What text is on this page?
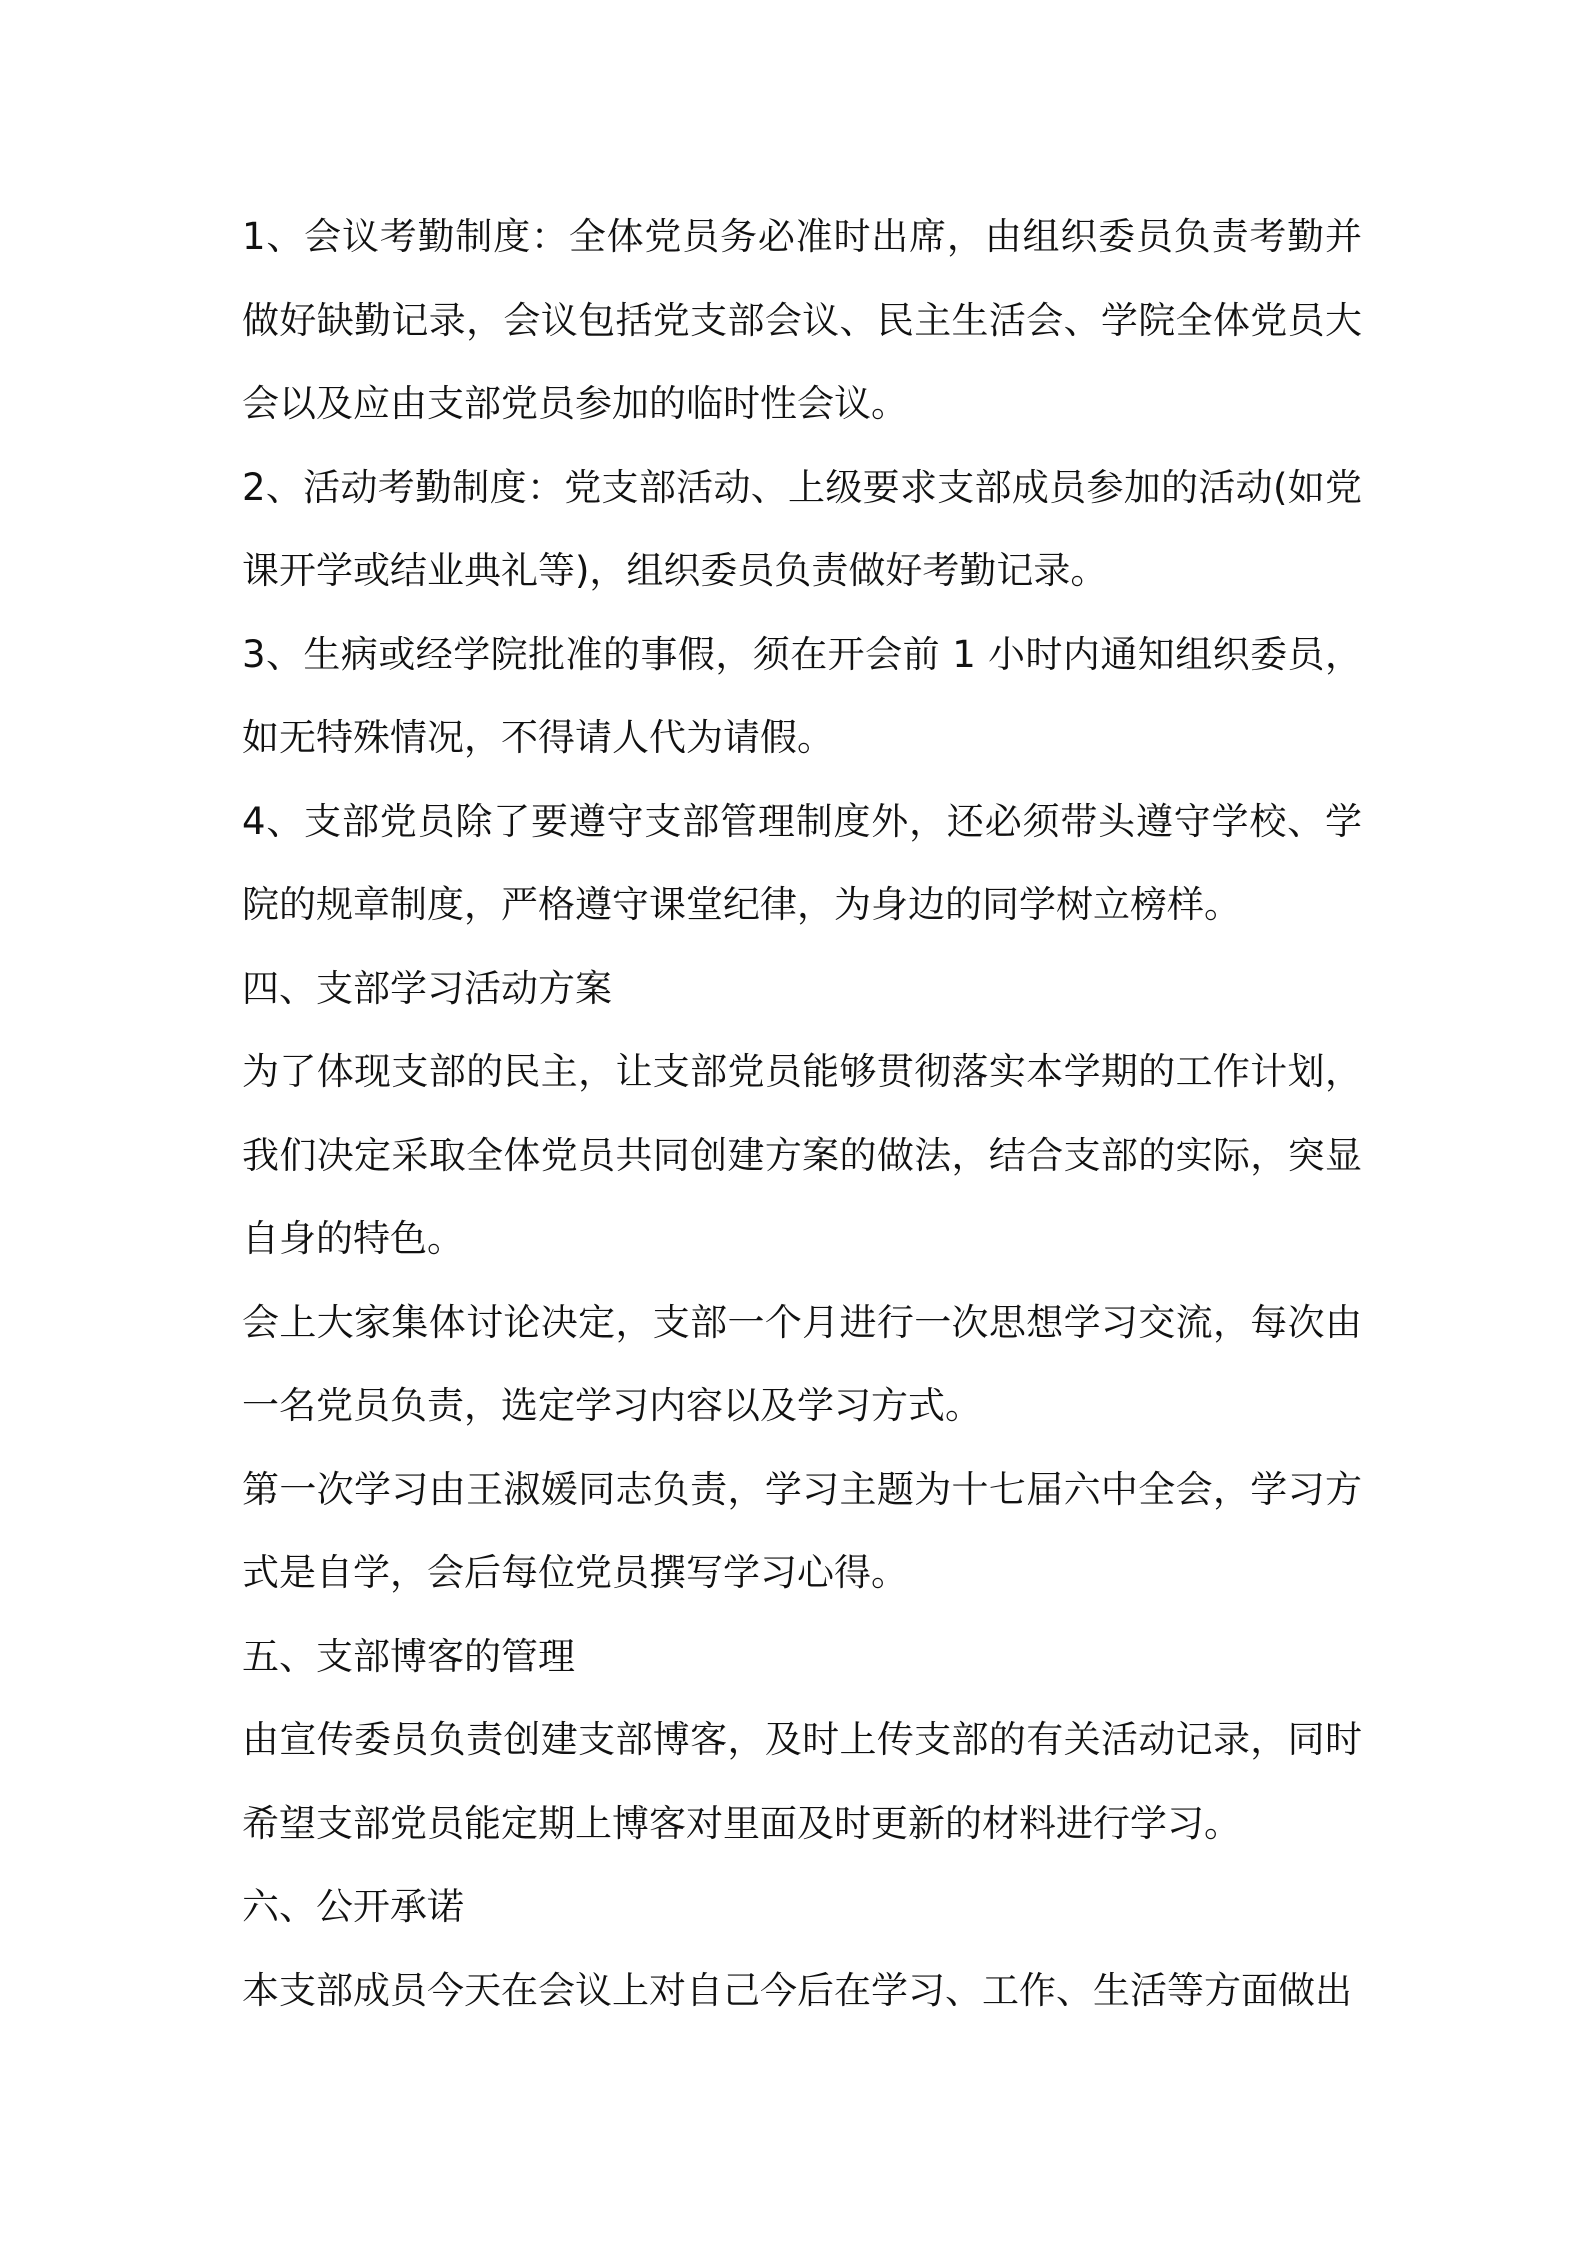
1、会议考勤制度：全体党员务必准时出席，由组织委员负责考勤并做好缺勤记录，会议包括党支部会议、民主生活会、学院全体党员大会以及应由支部党员参加的临时性会议。

2、活动考勤制度：党支部活动、上级要求支部成员参加的活动(如党课开学或结业典礼等)，组织委员负责做好考勤记录。

3、生病或经学院批准的事假，须在开会前 1 小时内通知组织委员，如无特殊情况，不得请人代为请假。

4、支部党员除了要遵守支部管理制度外，还必须带头遵守学校、学院的规章制度，严格遵守课堂纪律，为身边的同学树立榜样。

四、支部学习活动方案

为了体现支部的民主，让支部党员能够贯彻落实本学期的工作计划，我们决定采取全体党员共同创建方案的做法，结合支部的实际，突显自身的特色。

会上大家集体讨论决定，支部一个月进行一次思想学习交流，每次由一名党员负责，选定学习内容以及学习方式。

第一次学习由王淑媛同志负责，学习主题为十七届六中全会，学习方式是自学，会后每位党员撰写学习心得。

五、支部博客的管理

由宣传委员负责创建支部博客，及时上传支部的有关活动记录，同时希望支部党员能定期上博客对里面及时更新的材料进行学习。

六、公开承诺

本支部成员今天在会议上对自己今后在学习、工作、生活等方面做出
